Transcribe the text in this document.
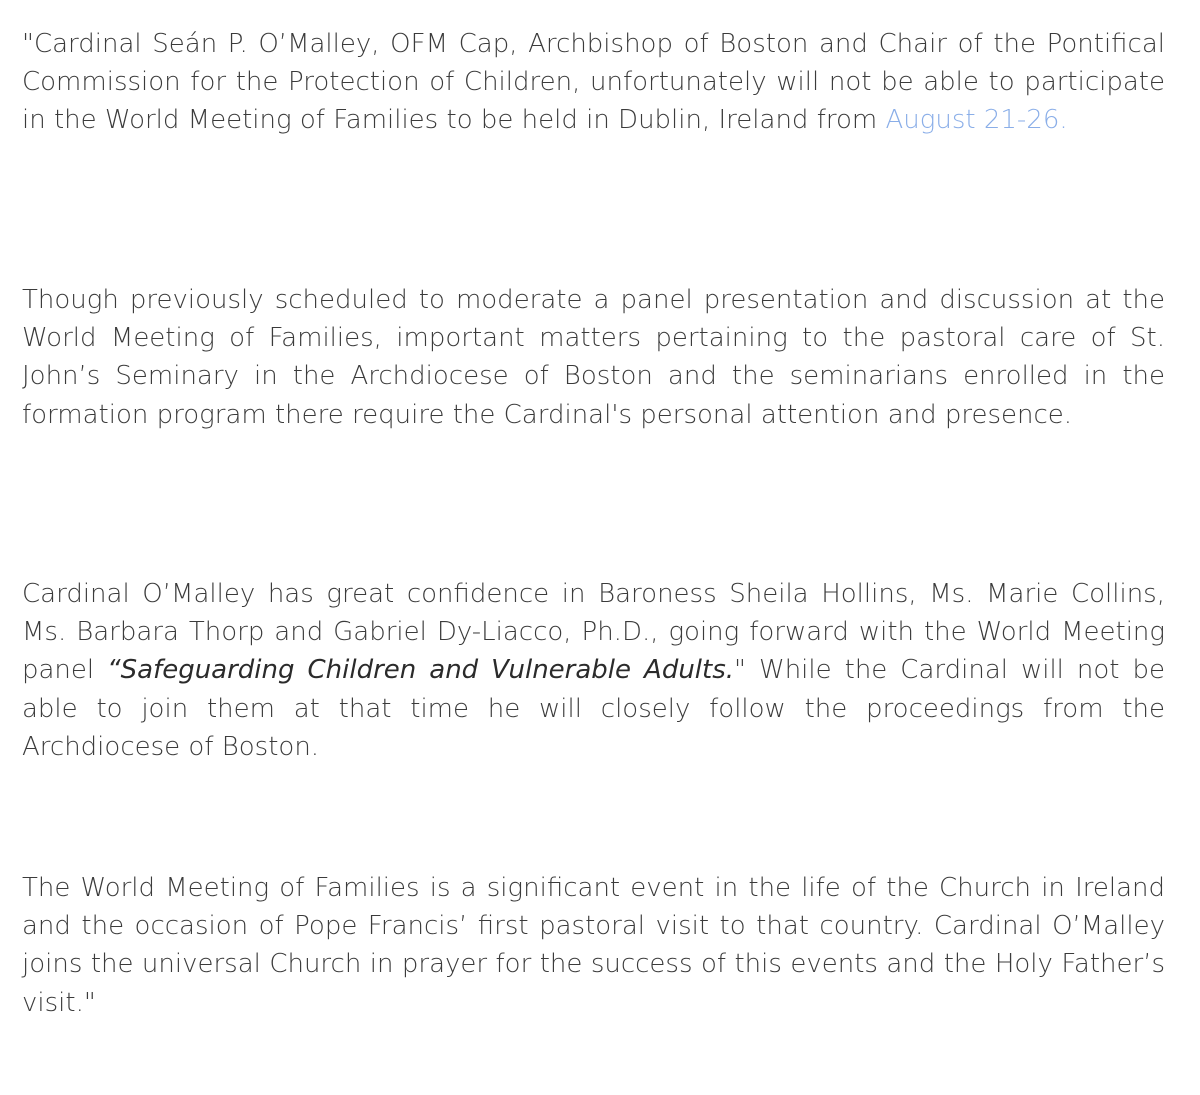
"Cardinal Seán P. O’Malley, OFM Cap, Archbishop of Boston and Chair of the Pontifical Commission for the Protection of Children, unfortunately will not be able to participate in the World Meeting of Families to be held in Dublin, Ireland from August 21-26.

Though previously scheduled to moderate a panel presentation and discussion at the World Meeting of Families, important matters pertaining to the pastoral care of St. John’s Seminary in the Archdiocese of Boston and the seminarians enrolled in the formation program there require the Cardinal's personal attention and presence.

Cardinal O’Malley has great confidence in Baroness Sheila Hollins, Ms. Marie Collins, Ms. Barbara Thorp and Gabriel Dy-Liacco, Ph.D., going forward with the World Meeting panel “Safeguarding Children and Vulnerable Adults." While the Cardinal will not be able to join them at that time he will closely follow the proceedings from the Archdiocese of Boston.

The World Meeting of Families is a significant event in the life of the Church in Ireland and the occasion of Pope Francis’ first pastoral visit to that country. Cardinal O’Malley joins the universal Church in prayer for the success of this events and the Holy Father’s visit."
